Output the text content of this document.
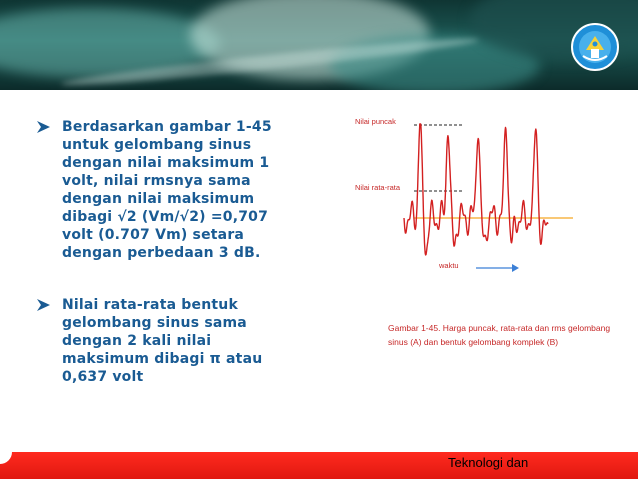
Berdasarkan gambar 1-45
untuk gelombang sinus
dengan nilai maksimum 1
volt, nilai rmsnya sama
dengan nilai maksimum
dibagi √2 (Vm/√2) =0,707
volt (0.707 Vm) setara
dengan perbedaan 3 dB.
Nilai rata-rata bentuk
gelombang sinus sama
dengan 2 kali nilai
maksimum dibagi π atau
0,637 volt
Nilai puncak
Nilai rata-rata
waktu
Gambar 1-45. Harga puncak, rata-rata dan rms gelombang
sinus (A) dan bentuk gelombang komplek (B)
Teknologi dan
